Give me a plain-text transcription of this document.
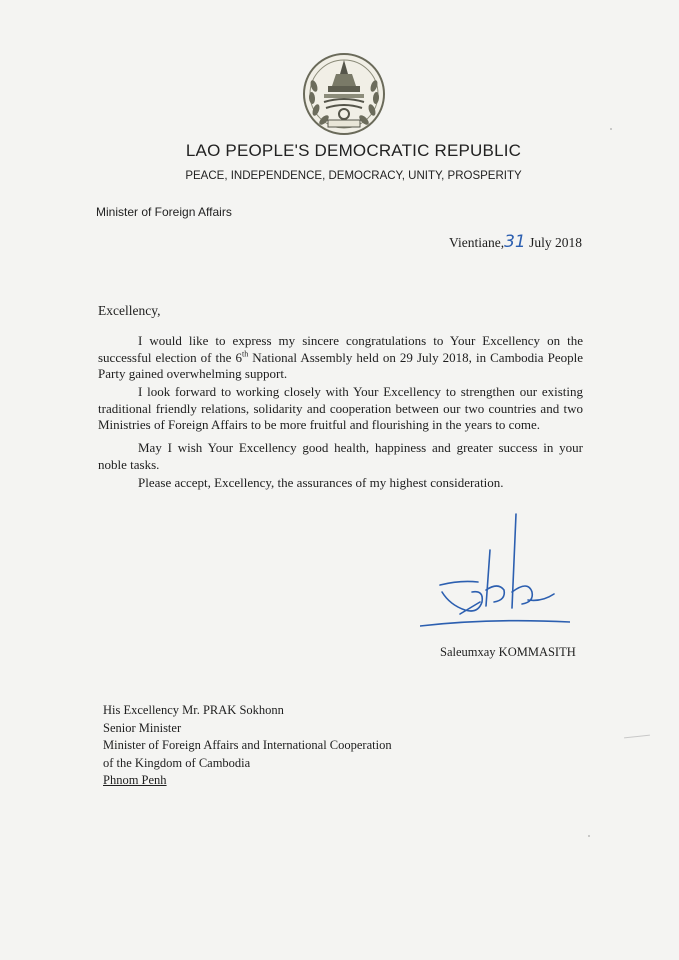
LAO PEOPLE'S DEMOCRATIC REPUBLIC
PEACE, INDEPENDENCE, DEMOCRACY, UNITY, PROSPERITY
Minister of Foreign Affairs
Vientiane,31 July 2018
Excellency,
I would like to express my sincere congratulations to Your Excellency on the successful election of the 6th National Assembly held on 29 July 2018, in Cambodia People Party gained overwhelming support.
I look forward to working closely with Your Excellency to strengthen our existing traditional friendly relations, solidarity and cooperation between our two countries and two Ministries of Foreign Affairs to be more fruitful and flourishing in the years to come.
May I wish Your Excellency good health, happiness and greater success in your noble tasks.
Please accept, Excellency, the assurances of my highest consideration.
Saleumxay KOMMASITH
His Excellency Mr. PRAK Sokhonn
Senior Minister
Minister of Foreign Affairs and International Cooperation
of the Kingdom of Cambodia
Phnom Penh
